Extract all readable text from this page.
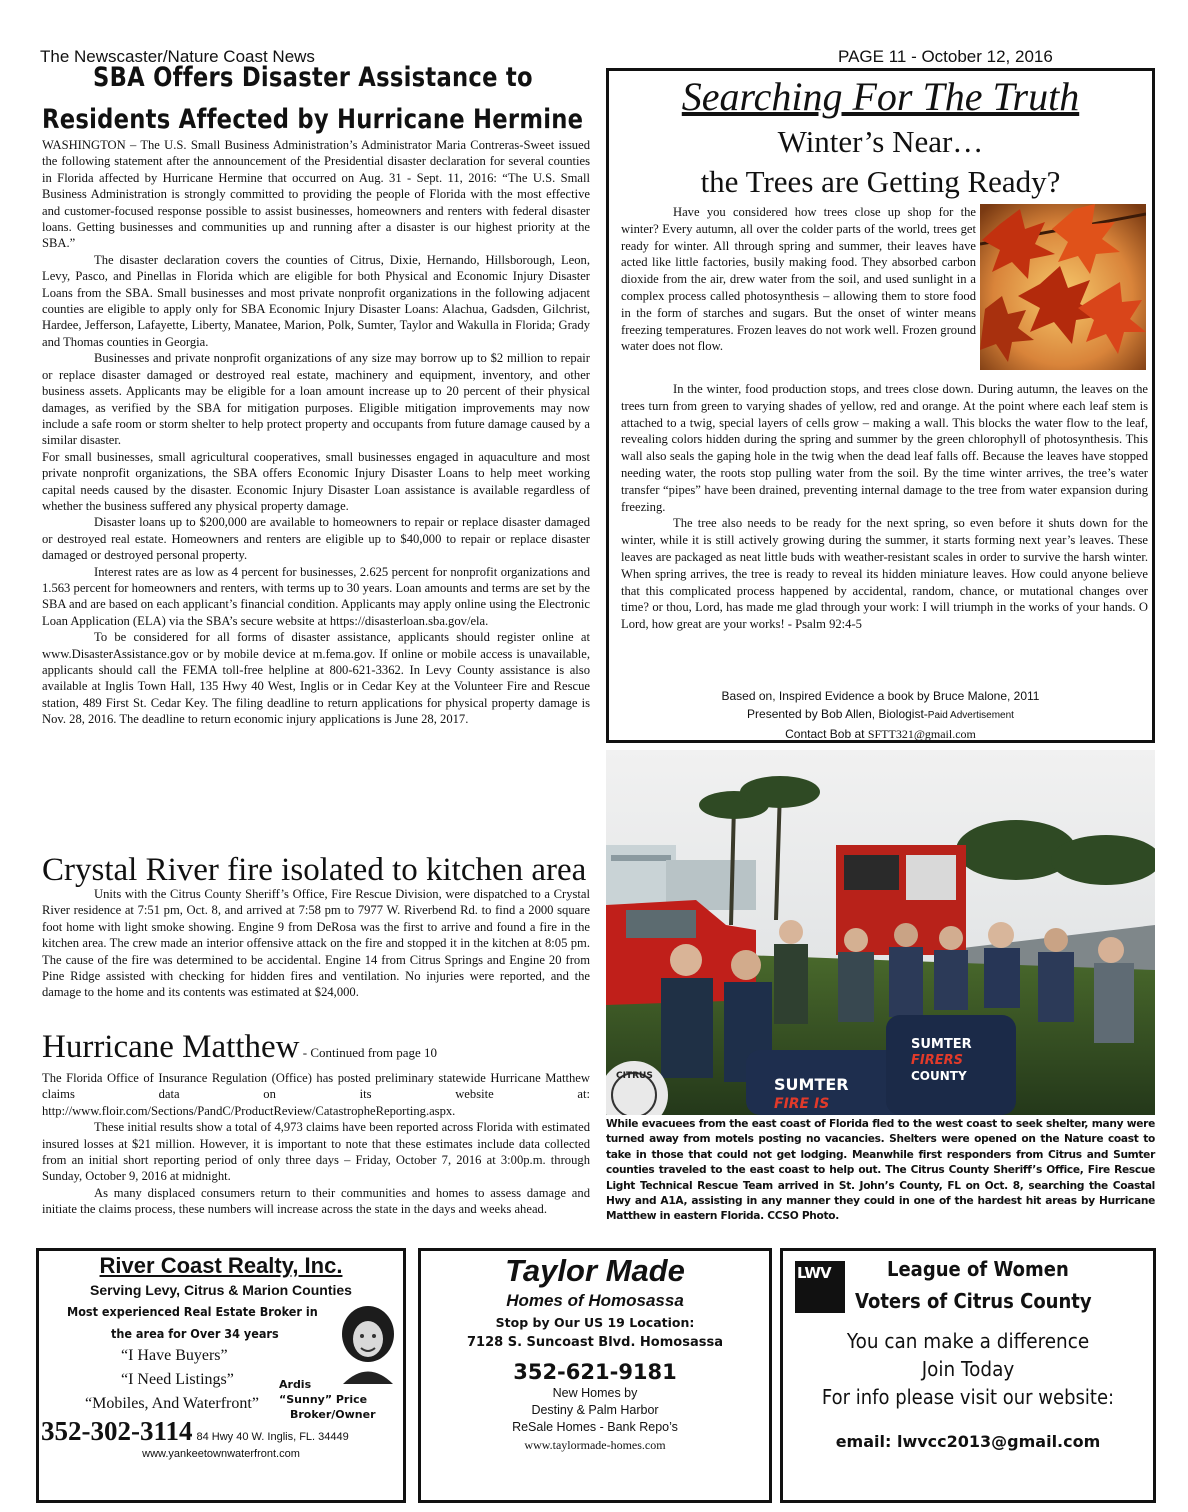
The Newscaster/Nature Coast News	PAGE 11 - October 12, 2016
SBA Offers Disaster Assistance to
Residents Affected by Hurricane Hermine

WASHINGTON – The U.S. Small Business Administration’s Administrator Maria Contreras-Sweet issued the following statement after the announcement of the Presidential disaster declaration for several counties in Florida affected by Hurricane Hermine that occurred on Aug. 31 - Sept. 11, 2016: “The U.S. Small Business Administration is strongly committed to providing the people of Florida with the most effective and customer-focused response possible to assist businesses, homeowners and renters with federal disaster loans. Getting businesses and communities up and running after a disaster is our highest priority at the SBA.”

The disaster declaration covers the counties of Citrus, Dixie, Hernando, Hillsborough, Leon, Levy, Pasco, and Pinellas in Florida which are eligible for both Physical and Economic Injury Disaster Loans from the SBA. Small businesses and most private nonprofit organizations in the following adjacent counties are eligible to apply only for SBA Economic Injury Disaster Loans: Alachua, Gadsden, Gilchrist, Hardee, Jefferson, Lafayette, Liberty, Manatee, Marion, Polk, Sumter, Taylor and Wakulla in Florida; Grady and Thomas counties in Georgia.

Businesses and private nonprofit organizations of any size may borrow up to $2 million to repair or replace disaster damaged or destroyed real estate, machinery and equipment, inventory, and other business assets. Applicants may be eligible for a loan amount increase up to 20 percent of their physical damages, as verified by the SBA for mitigation purposes. Eligible mitigation improvements may now include a safe room or storm shelter to help protect property and occupants from future damage caused by a similar disaster.

For small businesses, small agricultural cooperatives, small businesses engaged in aquaculture and most private nonprofit organizations, the SBA offers Economic Injury Disaster Loans to help meet working capital needs caused by the disaster. Economic Injury Disaster Loan assistance is available regardless of whether the business suffered any physical property damage.

Disaster loans up to $200,000 are available to homeowners to repair or replace disaster damaged or destroyed real estate. Homeowners and renters are eligible up to $40,000 to repair or replace disaster damaged or destroyed personal property.

Interest rates are as low as 4 percent for businesses, 2.625 percent for nonprofit organizations and 1.563 percent for homeowners and renters, with terms up to 30 years. Loan amounts and terms are set by the SBA and are based on each applicant’s financial condition. Applicants may apply online using the Electronic Loan Application (ELA) via the SBA’s secure website at https://disasterloan.sba.gov/ela.

To be considered for all forms of disaster assistance, applicants should register online at www.DisasterAssistance.gov or by mobile device at m.fema.gov. If online or mobile access is unavailable, applicants should call the FEMA toll-free helpline at 800-621-3362. In Levy County assistance is also available at Inglis Town Hall, 135 Hwy 40 West, Inglis or in Cedar Key at the Volunteer Fire and Rescue station, 489 First St. Cedar Key. The filing deadline to return applications for physical property damage is Nov. 28, 2016. The deadline to return economic injury applications is June 28, 2017.

Crystal River fire isolated to kitchen area

Units with the Citrus County Sheriff’s Office, Fire Rescue Division, were dispatched to a Crystal River residence at 7:51 pm, Oct. 8, and arrived at 7:58 pm to 7977 W. Riverbend Rd. to find a 2000 square foot home with light smoke showing. Engine 9 from DeRosa was the first to arrive and found a fire in the kitchen area. The crew made an interior offensive attack on the fire and stopped it in the kitchen at 8:05 pm. The cause of the fire was determined to be accidental. Engine 14 from Citrus Springs and Engine 20 from Pine Ridge assisted with checking for hidden fires and ventilation. No injuries were reported, and the damage to the home and its contents was estimated at $24,000.

Hurricane Matthew - Continued from page 10

The Florida Office of Insurance Regulation (Office) has posted preliminary statewide Hurricane Matthew claims data on its website at: http://www.floir.com/Sections/PandC/ProductReview/CatastropheReporting.aspx.

These initial results show a total of 4,973 claims have been reported across Florida with estimated insured losses at $21 million. However, it is important to note that these estimates include data collected from an initial short reporting period of only three days – Friday, October 7, 2016 at 3:00p.m. through Sunday, October 9, 2016 at midnight.

As many displaced consumers return to their communities and homes to assess damage and initiate the claims process, these numbers will increase across the state in the days and weeks ahead.

Searching For The Truth
Winter’s Near…
the Trees are Getting Ready?

Have you considered how trees close up shop for the winter? Every autumn, all over the colder parts of the world, trees get ready for winter. All through spring and summer, their leaves have acted like little factories, busily making food. They absorbed carbon dioxide from the air, drew water from the soil, and used sunlight in a complex process called photosynthesis – allowing them to store food in the form of starches and sugars. But the onset of winter means freezing temperatures. Frozen leaves do not work well. Frozen ground water does not flow.

In the winter, food production stops, and trees close down. During autumn, the leaves on the trees turn from green to varying shades of yellow, red and orange. At the point where each leaf stem is attached to a twig, special layers of cells grow – making a wall. This blocks the water flow to the leaf, revealing colors hidden during the spring and summer by the green chlorophyll of photosynthesis. This wall also seals the gaping hole in the twig when the dead leaf falls off. Because the leaves have stopped needing water, the roots stop pulling water from the soil. By the time winter arrives, the tree’s water transfer “pipes” have been drained, preventing internal damage to the tree from water expansion during freezing.

The tree also needs to be ready for the next spring, so even before it shuts down for the winter, while it is still actively growing during the summer, it starts forming next year’s leaves. These leaves are packaged as neat little buds with weather-resistant scales in order to survive the harsh winter. When spring arrives, the tree is ready to reveal its hidden miniature leaves. How could anyone believe that this complicated process happened by accidental, random, chance, or mutational changes over time? or thou, Lord, has made me glad through your work: I will triumph in the works of your hands. O Lord, how great are your works! - Psalm 92:4-5

Based on, Inspired Evidence a book by Bruce Malone, 2011
Presented by Bob Allen, Biologist-Paid Advertisement
Contact Bob at SFTT321@gmail.com
SUMTER
FIRE IS
SUMTER
FIRERS
COUNTY
CITRUS
While evacuees from the east coast of Florida fled to the west coast to seek shelter, many were turned away from motels posting no vacancies. Shelters were opened on the Nature coast to take in those that could not get lodging. Meanwhile first responders from Citrus and Sumter counties traveled to the east coast to help out. The Citrus County Sheriff’s Office, Fire Rescue Light Technical Rescue Team arrived in St. John’s County, FL on Oct. 8, searching the Coastal Hwy and A1A, assisting in any manner they could in one of the hardest hit areas by Hurricane Matthew in eastern Florida. CCSO Photo.
River Coast Realty, Inc.
Serving Levy, Citrus & Marion Counties
Most experienced Real Estate Broker in
the area for Over 34 years
“I Have Buyers”
“I Need Listings”
“Mobiles, And Waterfront”
Ardis
“Sunny” Price
Broker/Owner
352-302-3114 84 Hwy 40 W. Inglis, FL. 34449
www.yankeetownwaterfront.com
Taylor Made
Homes of Homosassa
Stop by Our US 19 Location:
7128 S. Suncoast Blvd. Homosassa
352-621-9181
New Homes by
Destiny & Palm Harbor
ReSale Homes - Bank Repo’s
www.taylormade-homes.com
LWV	League of Women
Voters of Citrus County
You can make a difference
Join Today
For info please visit our website:
email: lwvcc2013@gmail.com
